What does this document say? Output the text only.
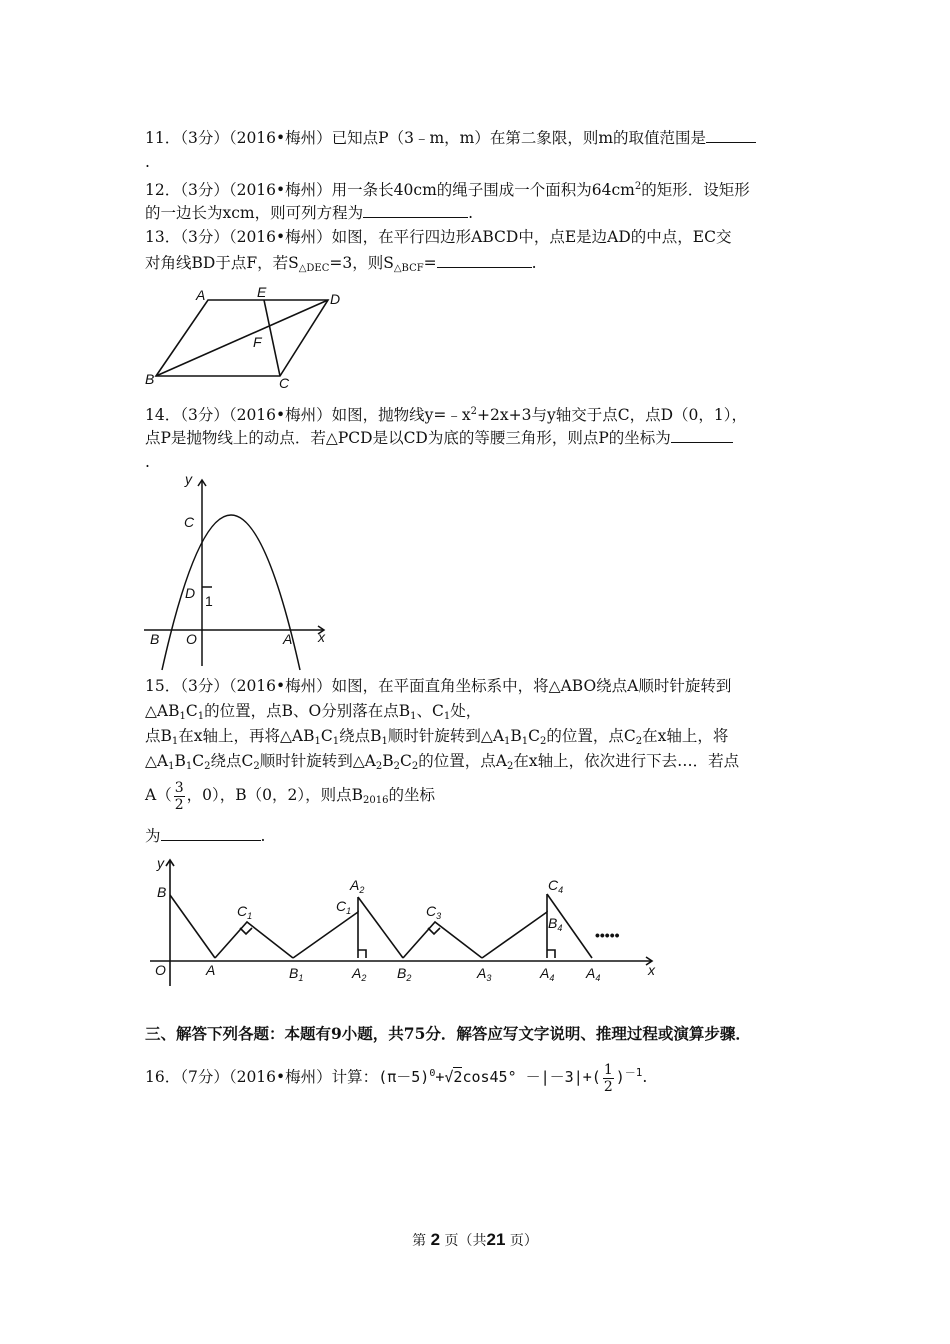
11．（3分）（2016•梅州）已知点P（3﹣m，m）在第二象限，则m的取值范围是
.
12．（3分）（2016•梅州）用一条长40cm的绳子围成一个面积为$64cm^2$的矩形．设矩形
的一边长为xcm，则可列方程为	.
13．（3分）（2016•梅州）如图，在平行四边形ABCD中，点E是边AD的中点，EC交
对角线BD于点F，若$S_{\triangle DEC}=3$，则$S_{\triangle BCF}=$	.
A	E	D
F
B	C
14．（3分）（2016•梅州）如图，抛物线$y=﹣x^2+2x+3$与y轴交于点C，点D（0，1），
点P是抛物线上的动点．若△PCD是以CD为底的等腰三角形，则点P的坐标为
.
y
C
D 1
B O	A x
15．（3分）（2016•梅州）如图，在平面直角坐标系中，将△ABO绕点A顺时针旋转到
$\triangle AB_1C_1$的位置，点B、O分别落在点$B_1$、$C_1$处，
点$B_1$在x轴上，再将$\triangle AB_1C_1$绕点$B_1$顺时针旋转到$\triangle A_1B_1C_2$的位置，点$C_2$在x轴上，将
$\triangle A_1B_1C_2$绕点$C_2$顺时针旋转到$\triangle A_2B_2C_2$的位置，点$A_2$在x轴上，依次进行下去…．若点
$A( \frac{3}{2}$ ，0），B（0，2），则点$B_{2016}$的坐标
为	.
y
B
O	A
$C_1$
$B_1$
$A_2$
$C_1$
$A_2$ $B_2$
$C_3$
$A_3$
$B_4$
$C_4$
$A_4$ $A_4$	x
•••••
三、解答下列各题：本题有9小题，共75分．解答应写文字说明、推理过程或演算步骤．
16．（7分）（2016•梅州）计算：$(\pi-5)^0+√2\cos 45^\circ -|-3|+( \frac{1}{2} )^{-1}$.
第 2 页（共21 页）
